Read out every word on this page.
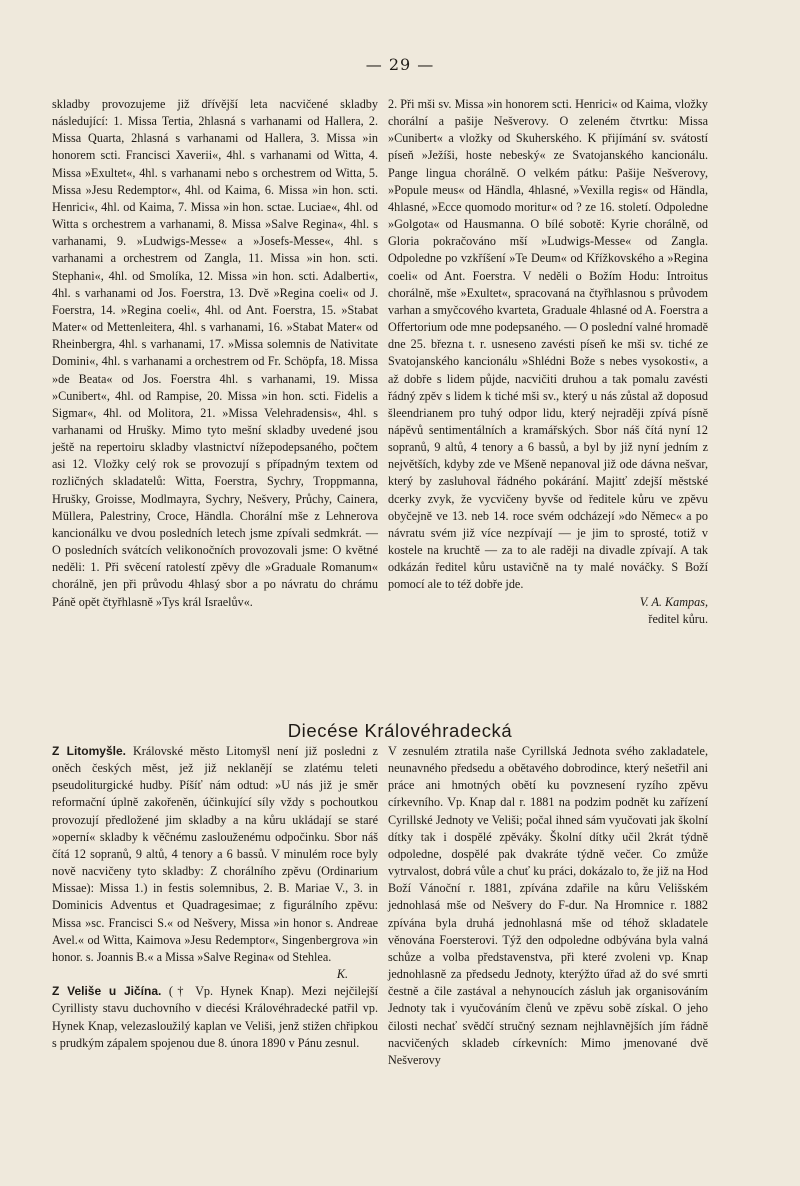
— 29 —

skladby provozujeme již dřívější leta nacvičené skladby následující: 1. Missa Tertia, 2hlasná s varhanami od Hallera, 2. Missa Quarta, 2hlasná s varhanami od Hallera, 3. Missa »in honorem scti. Francisci Xaverii«, 4hl. s varhanami od Witta, 4. Missa »Exultet«, 4hl. s varhanami nebo s orchestrem od Witta, 5. Missa »Jesu Redemptor«, 4hl. od Kaima, 6. Missa »in hon. scti. Henrici«, 4hl. od Kaima, 7. Missa »in hon. sctae. Luciae«, 4hl. od Witta s orchestrem a varhanami, 8. Missa »Salve Regina«, 4hl. s varhanami, 9. »Ludwigs-Messe« a »Josefs-Messe«, 4hl. s varhanami a orchestrem od Zangla, 11. Missa »in hon. scti. Stephani«, 4hl. od Smolíka, 12. Missa »in hon. scti. Adalberti«, 4hl. s varhanami od Jos. Foerstra, 13. Dvě »Regina coeli« od J. Foerstra, 14. »Regina coeli«, 4hl. od Ant. Foerstra, 15. »Stabat Mater« od Mettenleitera, 4hl. s varhanami, 16. »Stabat Mater« od Rheinbergra, 4hl. s varhanami, 17. »Missa solemnis de Nativitate Domini«, 4hl. s varhanami a orchestrem od Fr. Schöpfa, 18. Missa »de Beata« od Jos. Foerstra 4hl. s varhanami, 19. Missa »Cunibert«, 4hl. od Rampise, 20. Missa »in hon. scti. Fidelis a Sigmar«, 4hl. od Molitora, 21. »Missa Velehradensis«, 4hl. s varhanami od Hrušky. Mimo tyto mešní skladby uvedené jsou ještě na repertoiru skladby vlastnictví nížepodepsaného, počtem asi 12. Vložky celý rok se provozují s případným textem od rozličných skladatelů: Witta, Foerstra, Sychry, Troppmanna, Hrušky, Groisse, Modlmayra, Sychry, Nešvery, Průchy, Cainera, Müllera, Palestriny, Croce, Händla. Chorální mše z Lehnerova kancionálku ve dvou posledních letech jsme zpívali sedmkrát. — O posledních svátcích velikonočních provozovali jsme: O květné neděli: 1. Při svěcení ratolestí zpěvy dle »Graduale Romanum« chorálně, jen při průvodu 4hlasý sbor a po návratu do chrámu Páně opět čtyřhlasně »Tys král Israelův«.

2. Při mši sv. Missa »in honorem scti. Henrici« od Kaima, vložky chorální a pašije Nešverovy. O zeleném čtvrtku: Missa »Cunibert« a vložky od Skuherského. K přijímání sv. svátostí píseň »Ježíši, hoste nebeský« ze Svatojanského kancionálu. Pange lingua chorálně. O velkém pátku: Pašije Nešverovy, »Popule meus« od Händla, 4hlasné, »Vexilla regis« od Händla, 4hlasné, »Ecce quomodo moritur« od ? ze 16. století. Odpoledne »Golgota« od Hausmanna. O bílé sobotě: Kyrie chorálně, od Gloria pokračováno mší »Ludwigs-Messe« od Zangla. Odpoledne po vzkříšení »Te Deum« od Křížkovského a »Regina coeli« od Ant. Foerstra. V neděli o Božím Hodu: Introitus chorálně, mše »Exultet«, spracovaná na čtyřhlasnou s průvodem varhan a smyčcového kvarteta, Graduale 4hlasné od A. Foerstra a Offertorium ode mne podepsaného. — O poslední valné hromadě dne 25. března t. r. usneseno zavésti píseň ke mši sv. tiché ze Svatojanského kancionálu »Shlédni Bože s nebes vysokosti«, a až dobře s lidem půjde, nacvičiti druhou a tak pomalu zavésti řádný zpěv s lidem k tiché mši sv., který u nás zůstal až doposud šleendrianem pro tuhý odpor lidu, který nejraději zpívá písně nápěvů sentimentálních a kramářských. Sbor náš čítá nyní 12 sopranů, 9 altů, 4 tenory a 6 bassů, a byl by již nyní jedním z největších, kdyby zde ve Mšeně nepanoval již ode dávna nešvar, který by zasluhoval řádného pokárání. Majitť zdejší městské dcerky zvyk, že vycvičeny byvše od ředitele kůru ve zpěvu obyčejně ve 13. neb 14. roce svém odcházejí »do Němec« a po návratu svém již více nezpívají — je jim to sprosté, totiž v kostele na kruchtě — za to ale raději na divadle zpívají. A tak odkázán ředitel kůru ustavičně na ty malé nováčky. S Boží pomocí ale to též dobře jde.

V. A. Kampas,

ředitel kůru.

Diecése Královéhradecká

Z Litomyšle. Královské město Litomyšl není již posledni z oněch českých měst, jež již neklanějí se zlatému teleti pseudoliturgické hudby. Píšíť nám odtud: »U nás již je směr reformační úplně zakořeněn, účinkující síly vždy s pochoutkou provozují předložené jim skladby a na kůru ukládají se staré »operní« skladby k věčnému zaslouženému odpočinku. Sbor náš čítá 12 sopranů, 9 altů, 4 tenory a 6 bassů. V minulém roce byly nově nacvičeny tyto skladby: Z chorálního zpěvu (Ordinarium Missae): Missa 1.) in festis solemnibus, 2. B. Mariae V., 3. in Dominicis Adventus et Quadragesimae; z figurálního zpěvu: Missa »sc. Francisci S.« od Nešvery, Missa »in honor s. Andreae Avel.« od Witta, Kaimova »Jesu Redemptor«, Singenbergrova »in honor. s. Joannis B.« a Missa »Salve Regina« od Stehlea.
K.

Z Veliše u Jičína. († Vp. Hynek Knap). Mezi nejčilejší Cyrillisty stavu duchovního v diecési Královéhradecké patřil vp. Hynek Knap, velezasloužilý kaplan ve Veliši, jenž stižen chřipkou s prudkým zápalem spojenou due 8. února 1890 v Pánu zesnul.

V zesnulém ztratila naše Cyrillská Jednota svého zakladatele, neunavného předsedu a obětavého dobrodince, který nešetřil ani práce ani hmotných obětí ku povznesení ryzího zpěvu církevního. Vp. Knap dal r. 1881 na podzim podnět ku zařízení Cyrillské Jednoty ve Veliši; počal ihned sám vyučovati jak školní dítky tak i dospělé zpěváky. Školní dítky učil 2krát týdně odpoledne, dospělé pak dvakráte týdně večer. Co zmůže vytrvalost, dobrá vůle a chuť ku práci, dokázalo to, že již na Hod Boží Vánoční r. 1881, zpívána zdařile na kůru Velišském jednohlasá mše od Nešvery do F-dur. Na Hromnice r. 1882 zpívána byla druhá jednohlasná mše od téhož skladatele věnována Foersterovi. Týž den odpoledne odbývána byla valná schůze a volba představenstva, při které zvoleni vp. Knap jednohlasně za předsedu Jednoty, kterýžto úřad až do své smrti čestně a čile zastával a nehynoucích zásluh jak organisováním Jednoty tak i vyučováním členů ve zpěvu sobě získal. O jeho čilosti nechať svědčí stručný seznam nejhlavnějších jím řádně nacvičených skladeb církevních: Mimo jmenované dvě Nešverovy
